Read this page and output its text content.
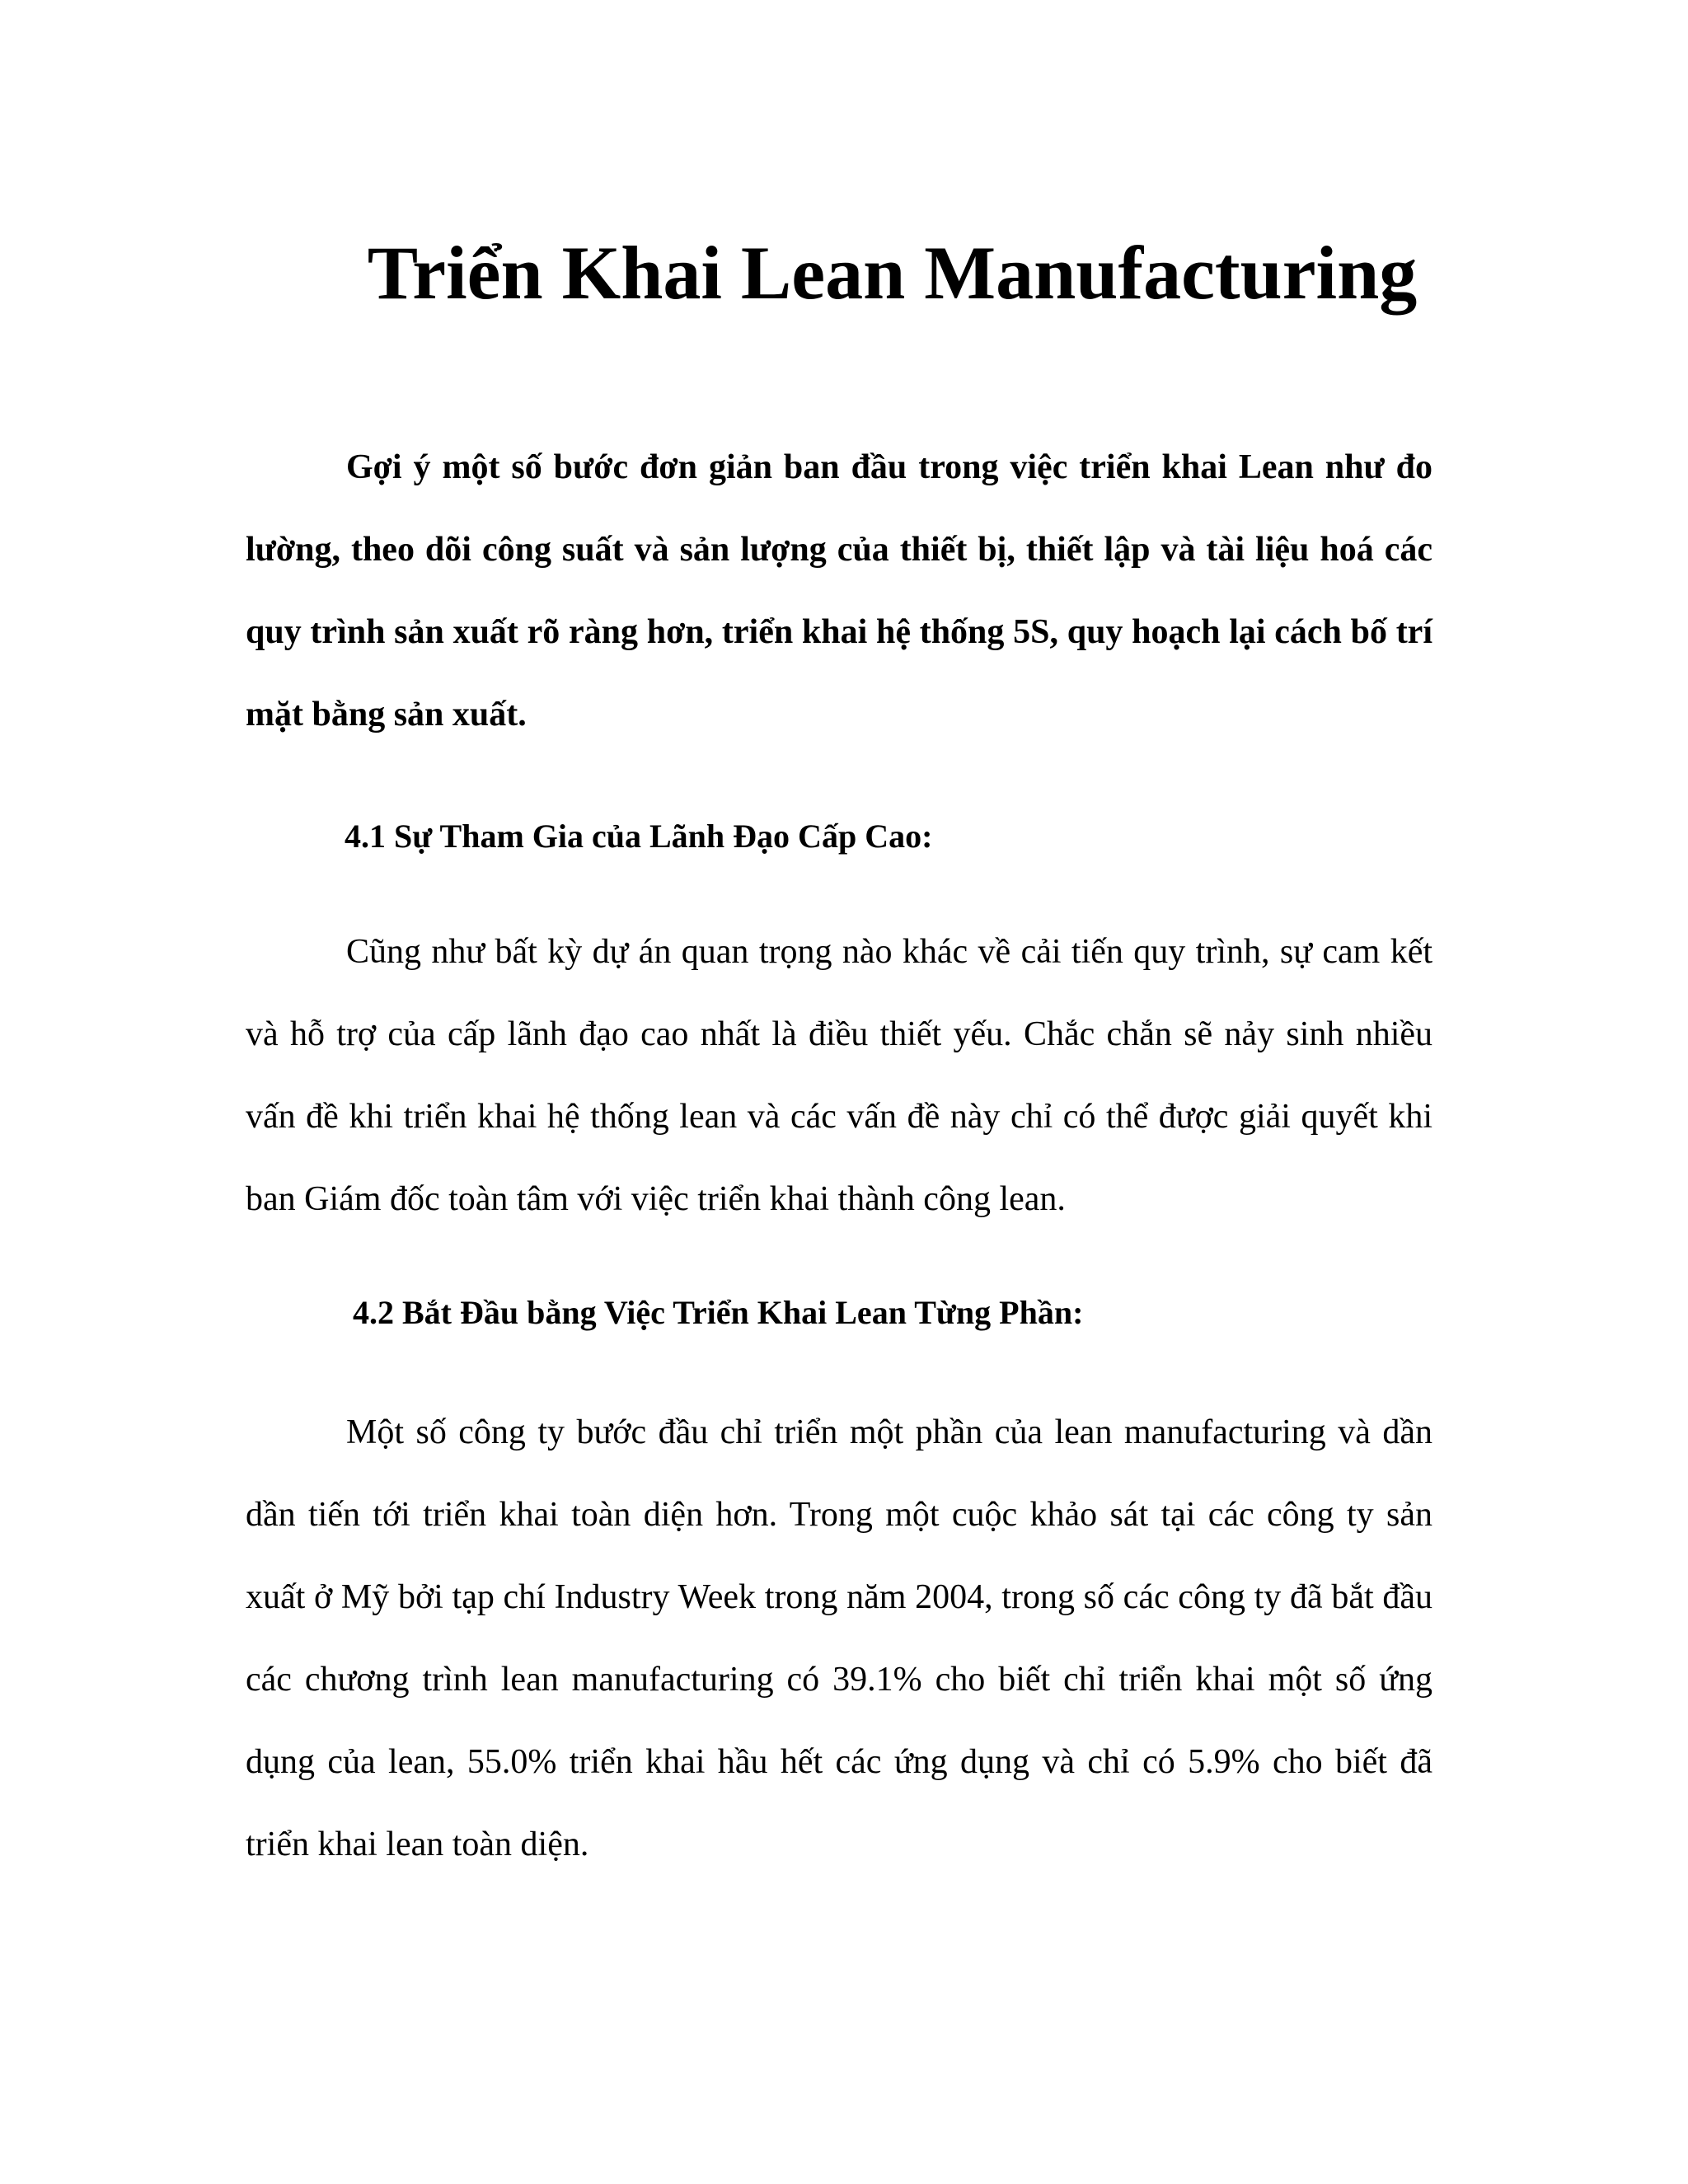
Triển Khai Lean Manufacturing

Gợi ý một số bước đơn giản ban đầu trong việc triển khai Lean như đo lường, theo dõi công suất và sản lượng của thiết bị, thiết lập và tài liệu hoá các quy trình sản xuất rõ ràng hơn, triển khai hệ thống 5S, quy hoạch lại cách bố trí mặt bằng sản xuất.

4.1 Sự Tham Gia của Lãnh Đạo Cấp Cao:

Cũng như bất kỳ dự án quan trọng nào khác về cải tiến quy trình, sự cam kết và hỗ trợ của cấp lãnh đạo cao nhất là điều thiết yếu. Chắc chắn sẽ nảy sinh nhiều vấn đề khi triển khai hệ thống lean và các vấn đề này chỉ có thể được giải quyết khi ban Giám đốc toàn tâm với việc triển khai thành công lean.

4.2 Bắt Đầu bằng Việc Triển Khai Lean Từng Phần:

Một số công ty bước đầu chỉ triển một phần của lean manufacturing và dần dần tiến tới triển khai toàn diện hơn. Trong một cuộc khảo sát tại các công ty sản xuất ở Mỹ bởi tạp chí Industry Week trong năm 2004, trong số các công ty đã bắt đầu các chương trình lean manufacturing có 39.1% cho biết chỉ triển khai một số ứng dụng của lean, 55.0% triển khai hầu hết các ứng dụng và chỉ có 5.9% cho biết đã triển khai lean toàn diện.
